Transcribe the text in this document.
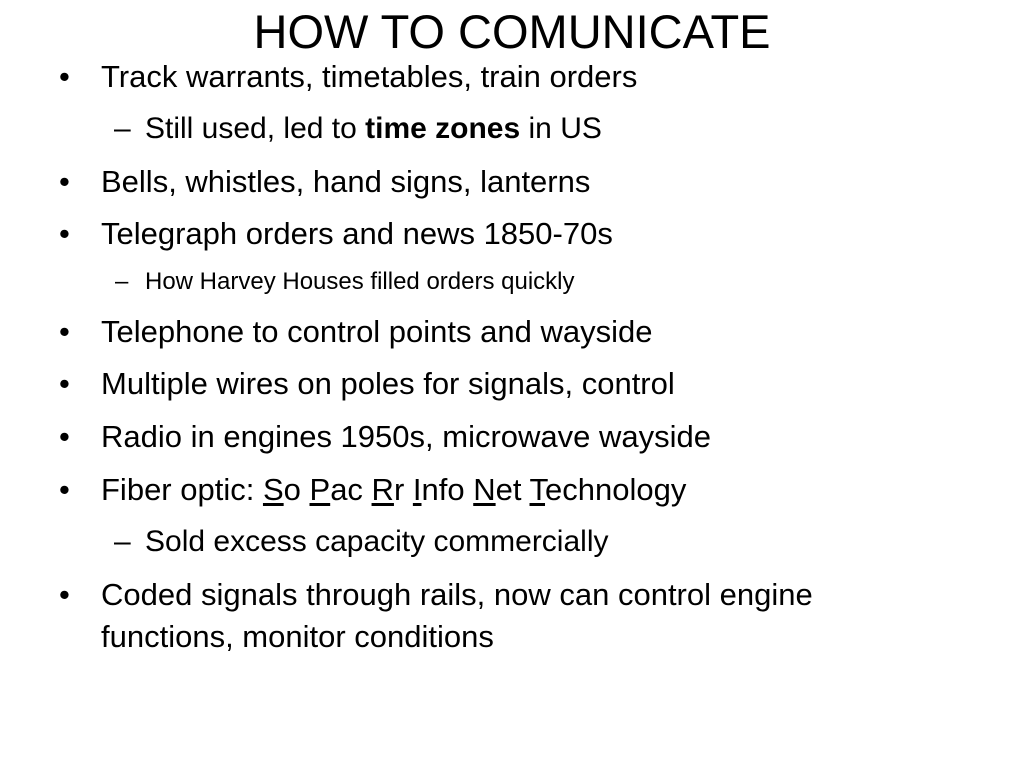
HOW TO COMUNICATE
• Track warrants, timetables, train orders
– Still used, led to time zones in US
• Bells, whistles, hand signs, lanterns
• Telegraph orders and news 1850-70s
– How Harvey Houses filled orders quickly
• Telephone to control points and wayside
• Multiple wires on poles for signals, control
• Radio in engines 1950s, microwave wayside
• Fiber optic: So Pac Rr Info Net Technology
– Sold excess capacity commercially
• Coded signals through rails, now can control engine
functions, monitor conditions
